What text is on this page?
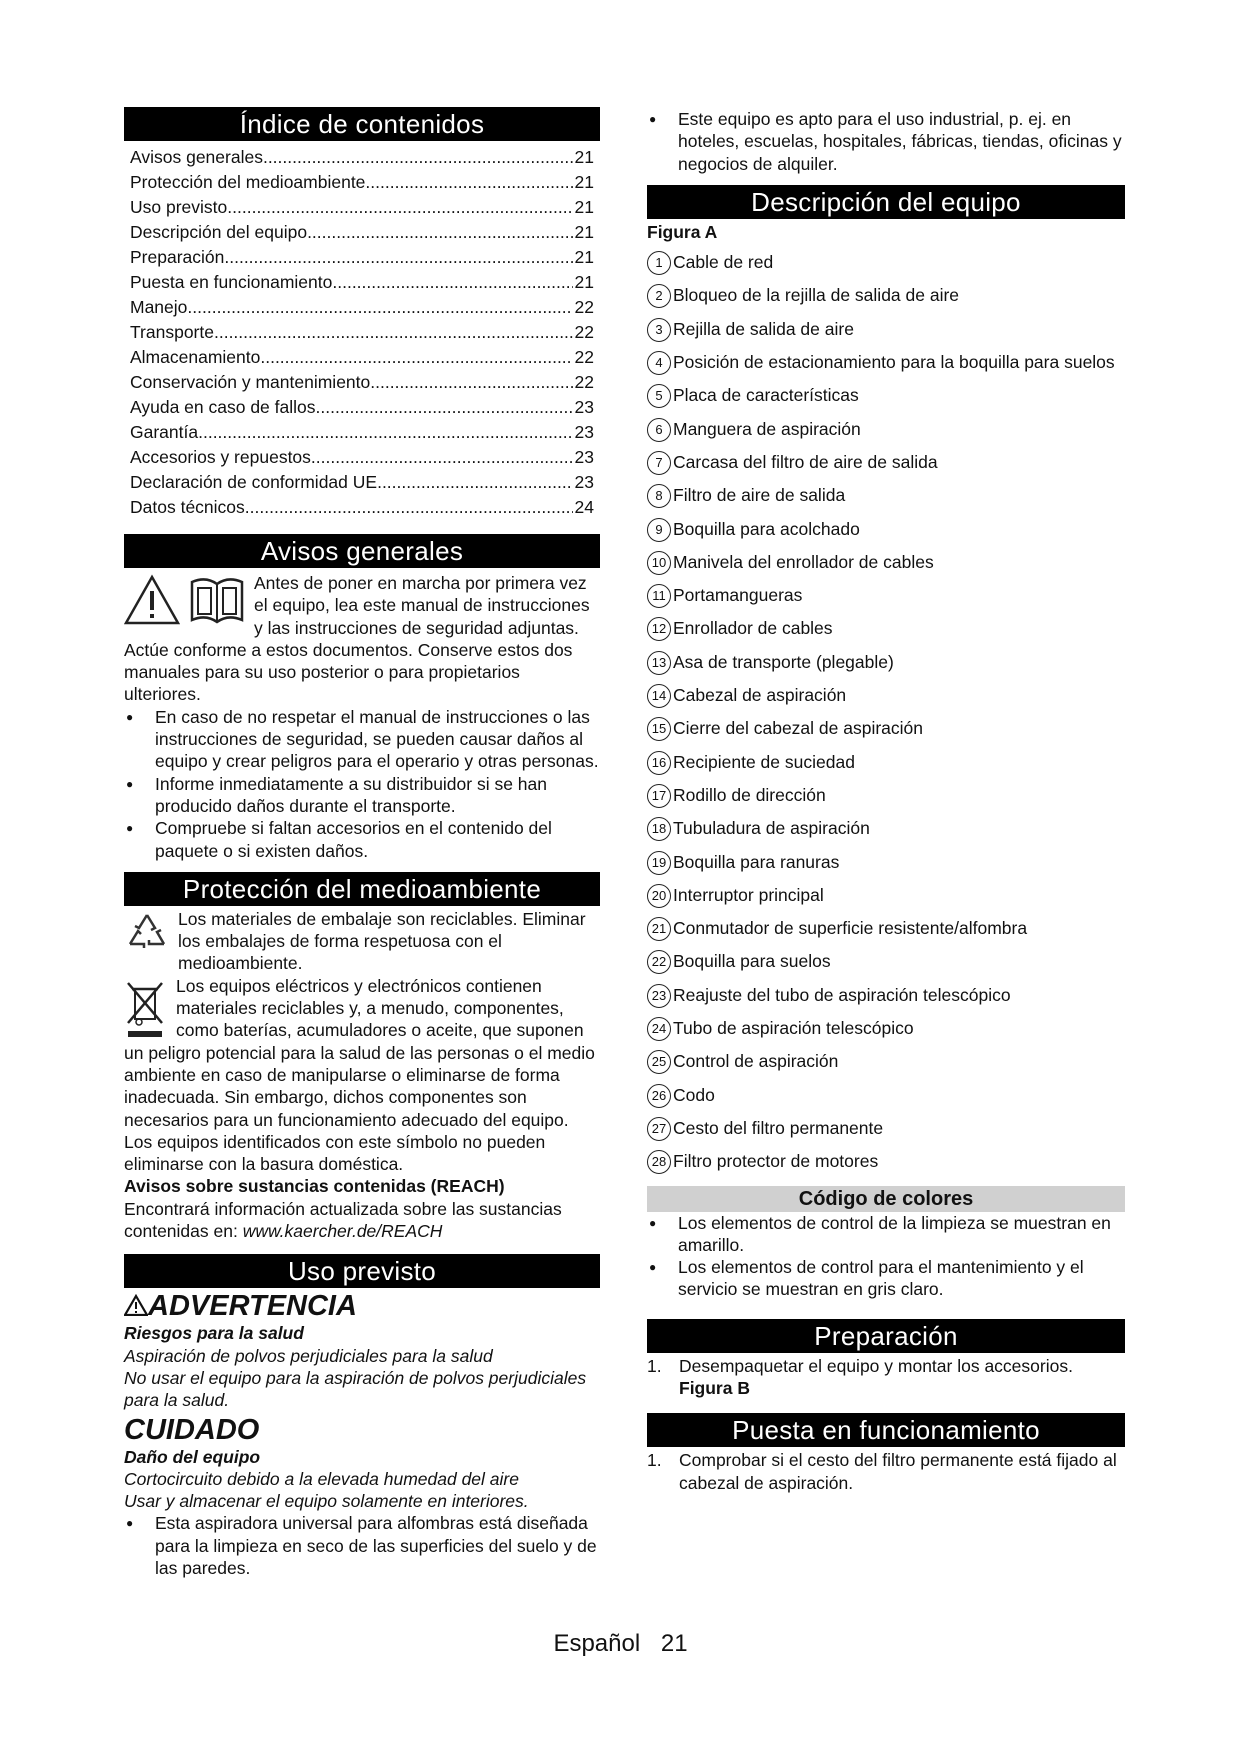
Índice de contenidos
Avisos generales .....	21
Protección del medioambiente .....	21
Uso previsto .....	21
Descripción del equipo .....	21
Preparación .....	21
Puesta en funcionamiento .....	21
Manejo .....	22
Transporte .....	22
Almacenamiento .....	22
Conservación y mantenimiento .....	22
Ayuda en caso de fallos .....	23
Garantía .....	23
Accesorios y repuestos .....	23
Declaración de conformidad UE .....	23
Datos técnicos .....	24
Avisos generales

Antes de poner en marcha por primera vez el equipo, lea este manual de instrucciones y las instrucciones de seguridad adjuntas. Actúe conforme a estos documentos. Conserve estos dos manuales para su uso posterior o para propietarios ulteriores.

● En caso de no respetar el manual de instrucciones o las instrucciones de seguridad, se pueden causar daños al equipo y crear peligros para el operario y otras personas.

● Informe inmediatamente a su distribuidor si se han producido daños durante el transporte.

● Compruebe si faltan accesorios en el contenido del paquete o si existen daños.

Protección del medioambiente

Los materiales de embalaje son reciclables. Eliminar los embalajes de forma respetuosa con el medioambiente.

Los equipos eléctricos y electrónicos contienen materiales reciclables y, a menudo, componentes, como baterías, acumuladores o aceite, que suponen un peligro potencial para la salud de las personas o el medio ambiente en caso de manipularse o eliminarse de forma inadecuada. Sin embargo, dichos componentes son necesarios para un funcionamiento adecuado del equipo. Los equipos identificados con este símbolo no pueden eliminarse con la basura doméstica.

Avisos sobre sustancias contenidas (REACH)

Encontrará información actualizada sobre las sustancias contenidas en: www.kaercher.de/REACH

Uso previsto
ADVERTENCIA

Riesgos para la salud

Aspiración de polvos perjudiciales para la salud

No usar el equipo para la aspiración de polvos perjudiciales para la salud.

CUIDADO

Daño del equipo

Cortocircuito debido a la elevada humedad del aire

Usar y almacenar el equipo solamente en interiores.

● Esta aspiradora universal para alfombras está diseñada para la limpieza en seco de las superficies del suelo y de las paredes.

● Este equipo es apto para el uso industrial, p. ej. en hoteles, escuelas, hospitales, fábricas, tiendas, oficinas y negocios de alquiler.

Descripción del equipo

Figura A

1 Cable de red
2 Bloqueo de la rejilla de salida de aire
3 Rejilla de salida de aire
4 Posición de estacionamiento para la boquilla para suelos
5 Placa de características
6 Manguera de aspiración
7 Carcasa del filtro de aire de salida
8 Filtro de aire de salida
9 Boquilla para acolchado
10 Manivela del enrollador de cables
11 Portamangueras
12 Enrollador de cables
13 Asa de transporte (plegable)
14 Cabezal de aspiración
15 Cierre del cabezal de aspiración
16 Recipiente de suciedad
17 Rodillo de dirección
18 Tubuladura de aspiración
19 Boquilla para ranuras
20 Interruptor principal
21 Conmutador de superficie resistente/alfombra
22 Boquilla para suelos
23 Reajuste del tubo de aspiración telescópico
24 Tubo de aspiración telescópico
25 Control de aspiración
26 Codo
27 Cesto del filtro permanente
28 Filtro protector de motores
Código de colores

● Los elementos de control de la limpieza se muestran en amarillo.

● Los elementos de control para el mantenimiento y el servicio se muestran en gris claro.

Preparación

1. Desempaquetar el equipo y montar los accesorios.

Figura B

Puesta en funcionamiento

1. Comprobar si el cesto del filtro permanente está fijado al cabezal de aspiración.

Español 21
